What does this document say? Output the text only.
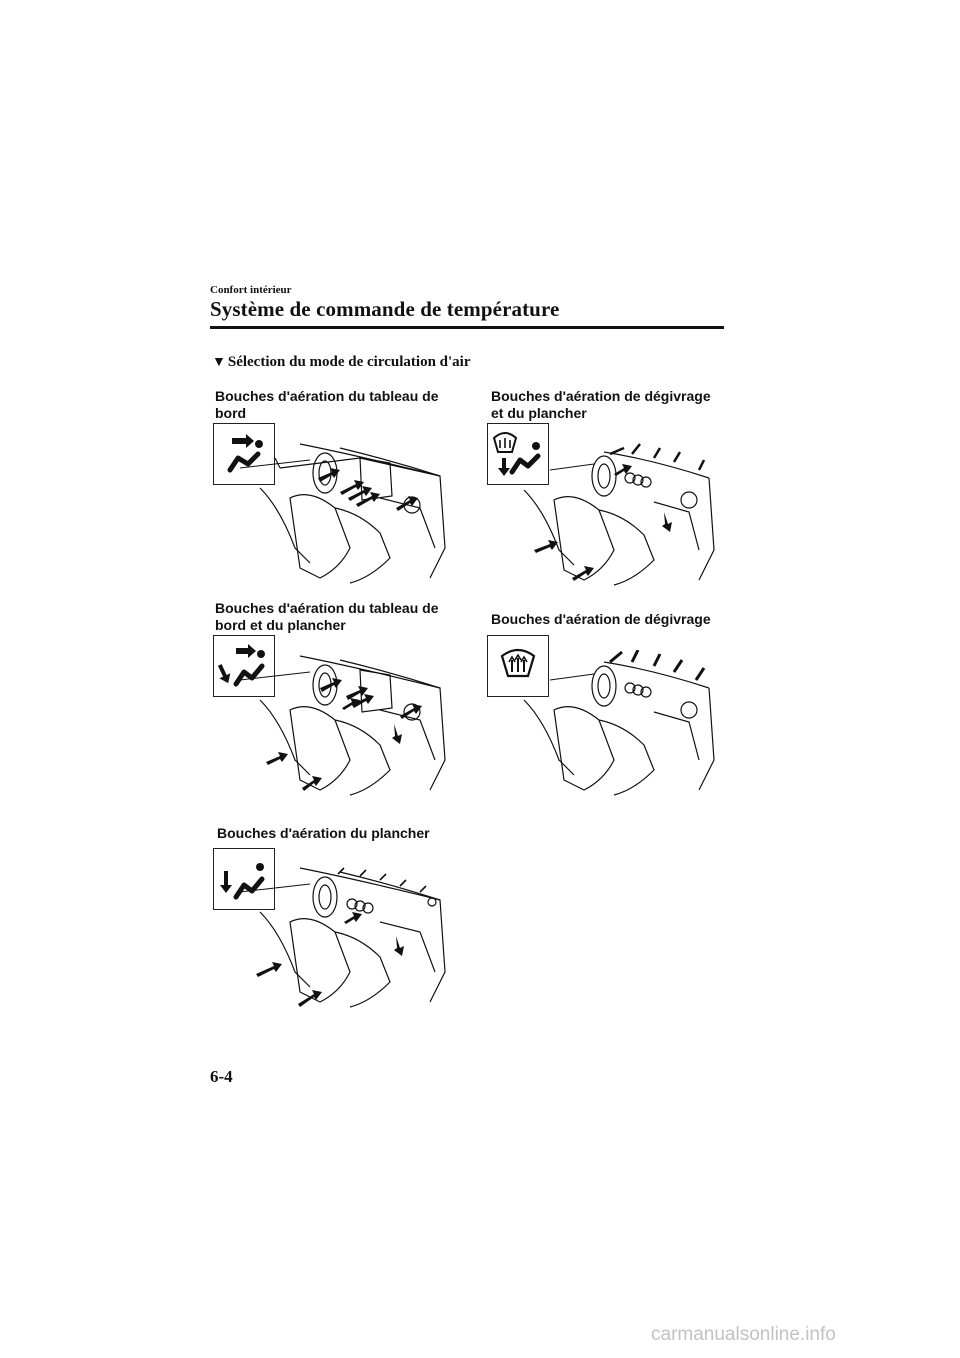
Confort intérieur
Système de commande de température
▼ Sélection du mode de circulation d'air
Bouches d'aération du tableau de
bord
Bouches d'aération de dégivrage
et du plancher
Bouches d'aération du tableau de
bord et du plancher	Bouches d'aération de dégivrage
Bouches d'aération du plancher
6-4
carmanualsonline.info
